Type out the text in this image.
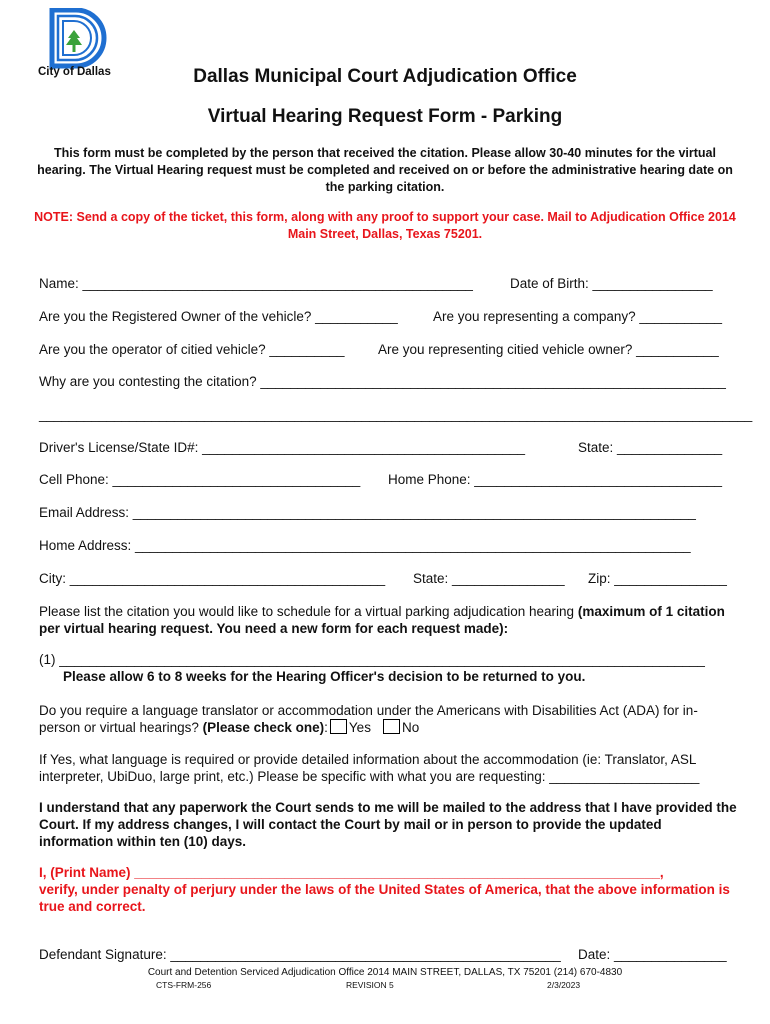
City of Dallas	Dallas Municipal Court Adjudication Office
Virtual Hearing Request Form - Parking
This form must be completed by the person that received the citation. Please allow 30-40 minutes for the virtual hearing. The Virtual Hearing request must be completed and received on or before the administrative hearing date on the parking citation.
NOTE: Send a copy of the ticket, this form, along with any proof to support your case. Mail to Adjudication Office 2014 Main Street, Dallas, Texas 75201.
Name: ____________________________________________________	Date of Birth: ________________
Are you the Registered Owner of the vehicle? ___________	Are you representing a company? ___________
Are you the operator of citied vehicle? __________ Are you representing citied vehicle owner? ___________
Why are you contesting the citation? ______________________________________________________________
_______________________________________________________________________________________________
Driver's License/State ID#: ___________________________________________	State: ______________
Cell Phone: _________________________________ Home Phone: _________________________________
Email Address: ___________________________________________________________________________
Home Address: __________________________________________________________________________
City: __________________________________________ State: _______________ Zip: _______________
Please list the citation you would like to schedule for a virtual parking adjudication hearing (maximum of 1 citation per virtual hearing request. You need a new form for each request made):
(1) ______________________________________________________________________________________
Please allow 6 to 8 weeks for the Hearing Officer's decision to be returned to you.
Do you require a language translator or accommodation under the Americans with Disabilities Act (ADA) for in-person or virtual hearings? (Please check one): Yes No
If Yes, what language is required or provide detailed information about the accommodation (ie: Translator, ASL interpreter, UbiDuo, large print, etc.) Please be specific with what you are requesting: ____________________
I understand that any paperwork the Court sends to me will be mailed to the address that I have provided the Court. If my address changes, I will contact the Court by mail or in person to provide the updated information within ten (10) days.
I, (Print Name) ______________________________________________________________________,
verify, under penalty of perjury under the laws of the United States of America, that the above information is true and correct.
Defendant Signature: ____________________________________________________ Date: _______________
Court and Detention Serviced Adjudication Office 2014 MAIN STREET, DALLAS, TX 75201 (214) 670-4830
CTS-FRM-256	REVISION 5	2/3/2023
